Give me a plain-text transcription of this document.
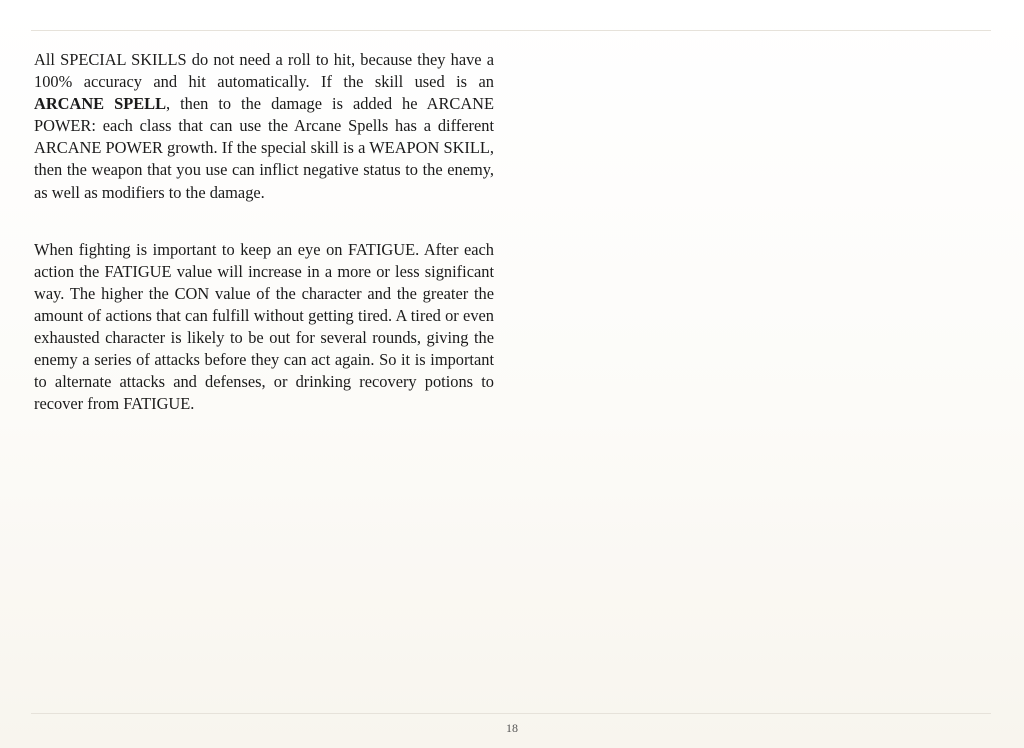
All SPECIAL SKILLS do not need a roll to hit, because they have a 100% accuracy and hit automatically. If the skill used is an ARCANE SPELL, then to the damage is added he ARCANE POWER: each class that can use the Arcane Spells has a different ARCANE POWER growth. If the special skill is a WEAPON SKILL, then the weapon that you use can inflict negative status to the enemy, as well as modifiers to the damage.

When fighting is important to keep an eye on FATIGUE. After each action the FATIGUE value will increase in a more or less significant way. The higher the CON value of the character and the greater the amount of actions that can fulfill without getting tired. A tired or even exhausted character is likely to be out for several rounds, giving the enemy a series of attacks before they can act again. So it is important to alternate attacks and defenses, or drinking recovery potions to recover from FATIGUE.

18
